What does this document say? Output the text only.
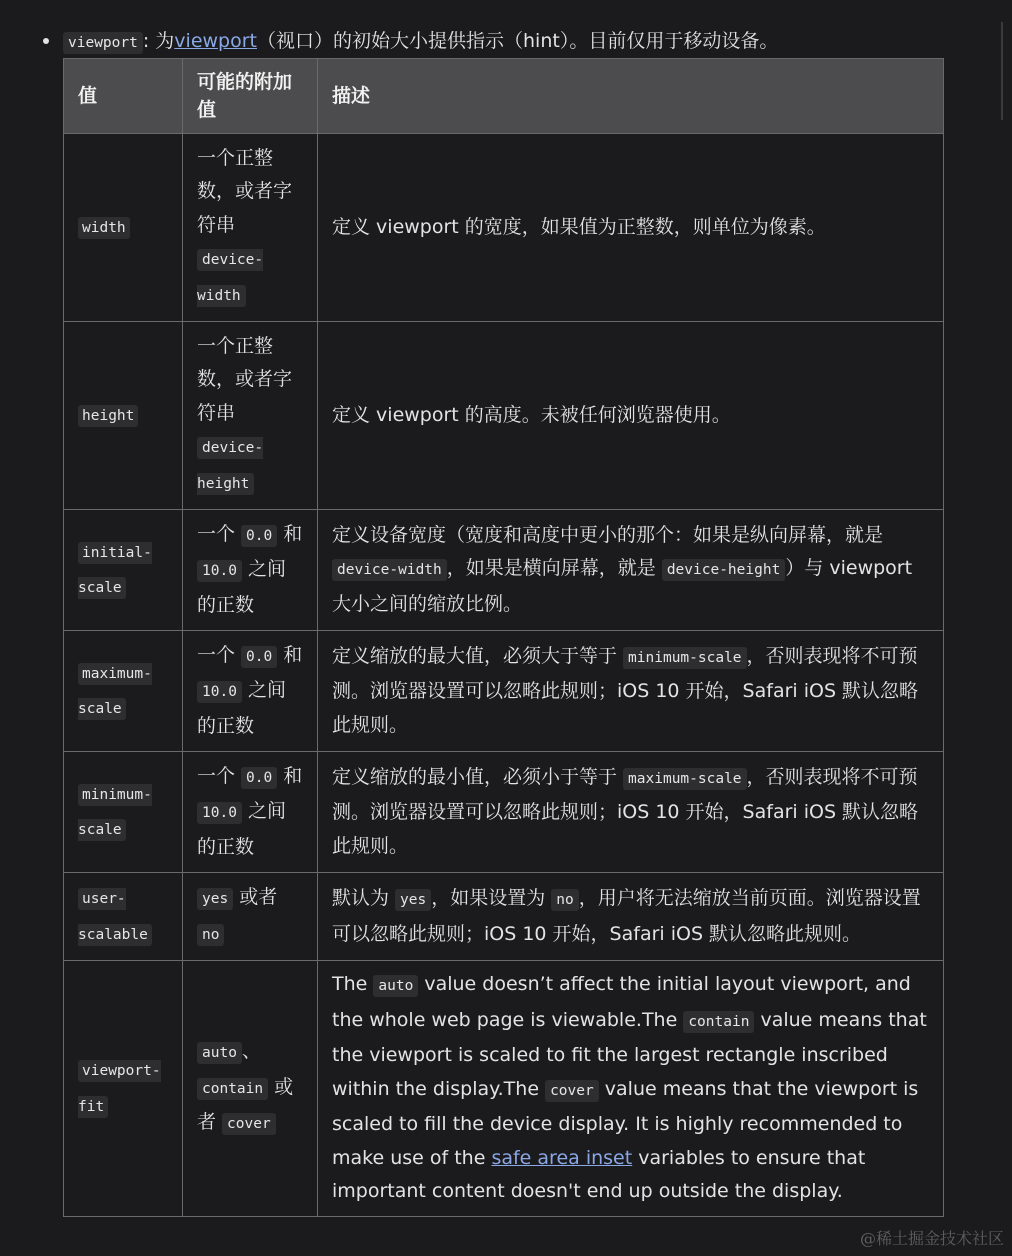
viewport : 为viewport（视口）的初始大小提供指示（hint）。目前仅用于移动设备。
值	可能的附加值	描述
width	一个正整数，或者字符串 device-width	定义 viewport 的宽度，如果值为正整数，则单位为像素。
height	一个正整数，或者字符串 device-height	定义 viewport 的高度。未被任何浏览器使用。
initial-scale	一个 0.0 和 10.0 之间的正数	定义设备宽度（宽度和高度中更小的那个：如果是纵向屏幕，就是 device-width ，如果是横向屏幕，就是 device-height ）与 viewport 大小之间的缩放比例。
maximum-scale	一个 0.0 和 10.0 之间的正数	定义缩放的最大值，必须大于等于 minimum-scale ，否则表现将不可预测。浏览器设置可以忽略此规则；iOS 10 开始，Safari iOS 默认忽略此规则。
minimum-scale	一个 0.0 和 10.0 之间的正数	定义缩放的最小值，必须小于等于 maximum-scale ，否则表现将不可预测。浏览器设置可以忽略此规则；iOS 10 开始，Safari iOS 默认忽略此规则。
user-scalable	yes 或者 no	默认为 yes ，如果设置为 no ，用户将无法缩放当前页面。浏览器设置可以忽略此规则；iOS 10 开始，Safari iOS 默认忽略此规则。
viewport-fit	auto 、contain 或者 cover	The auto value doesn’t affect the initial layout viewport, and the whole web page is viewable.The contain value means that the viewport is scaled to fit the largest rectangle inscribed within the display.The cover value means that the viewport is scaled to fill the device display. It is highly recommended to make use of the safe area inset variables to ensure that important content doesn't end up outside the display.
@稀土掘金技术社区
